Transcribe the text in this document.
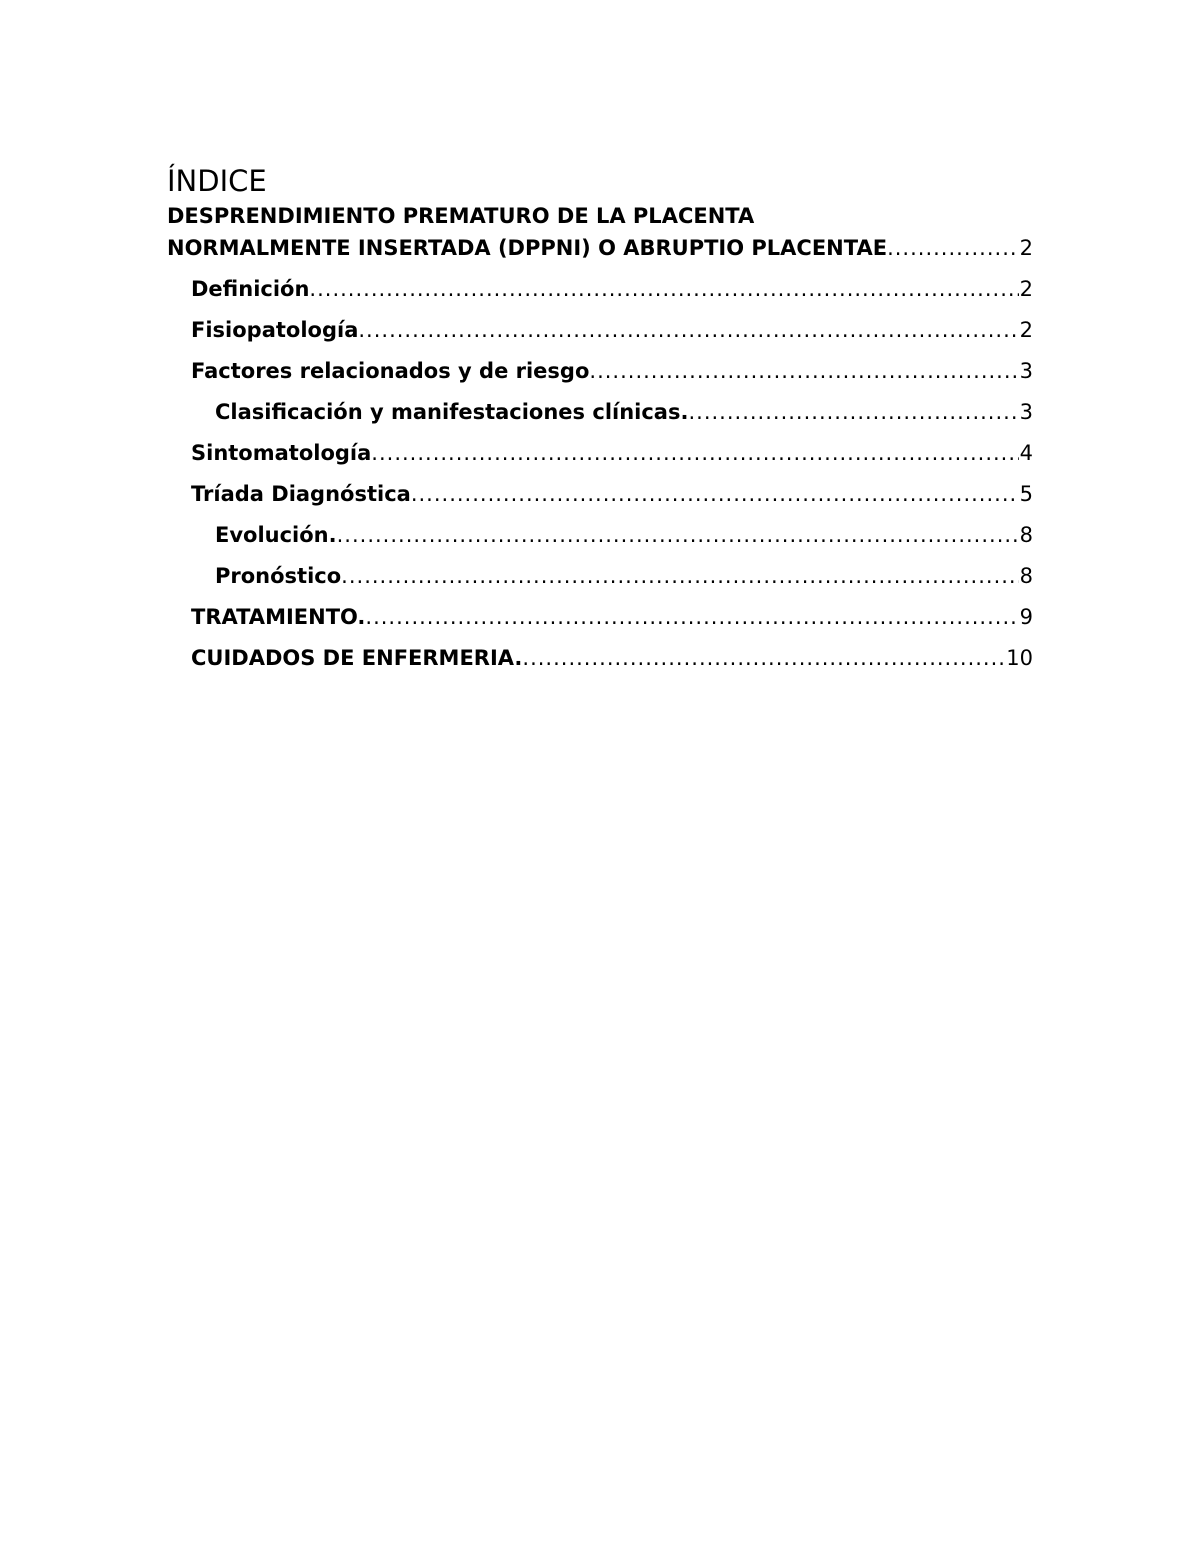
ÍNDICE
DESPRENDIMIENTO PREMATURO DE LA PLACENTA
NORMALMENTE INSERTADA (DPPNI) O ABRUPTIO PLACENTAE .....	2
Definición .....	2
Fisiopatología .....	2
Factores relacionados y de riesgo .....	3
Clasificación y manifestaciones clínicas. .....	3
Sintomatología .....	4
Tríada Diagnóstica .....	5
Evolución. .....	8
Pronóstico .....	8
TRATAMIENTO. .....	9
CUIDADOS DE ENFERMERIA. .....	10
